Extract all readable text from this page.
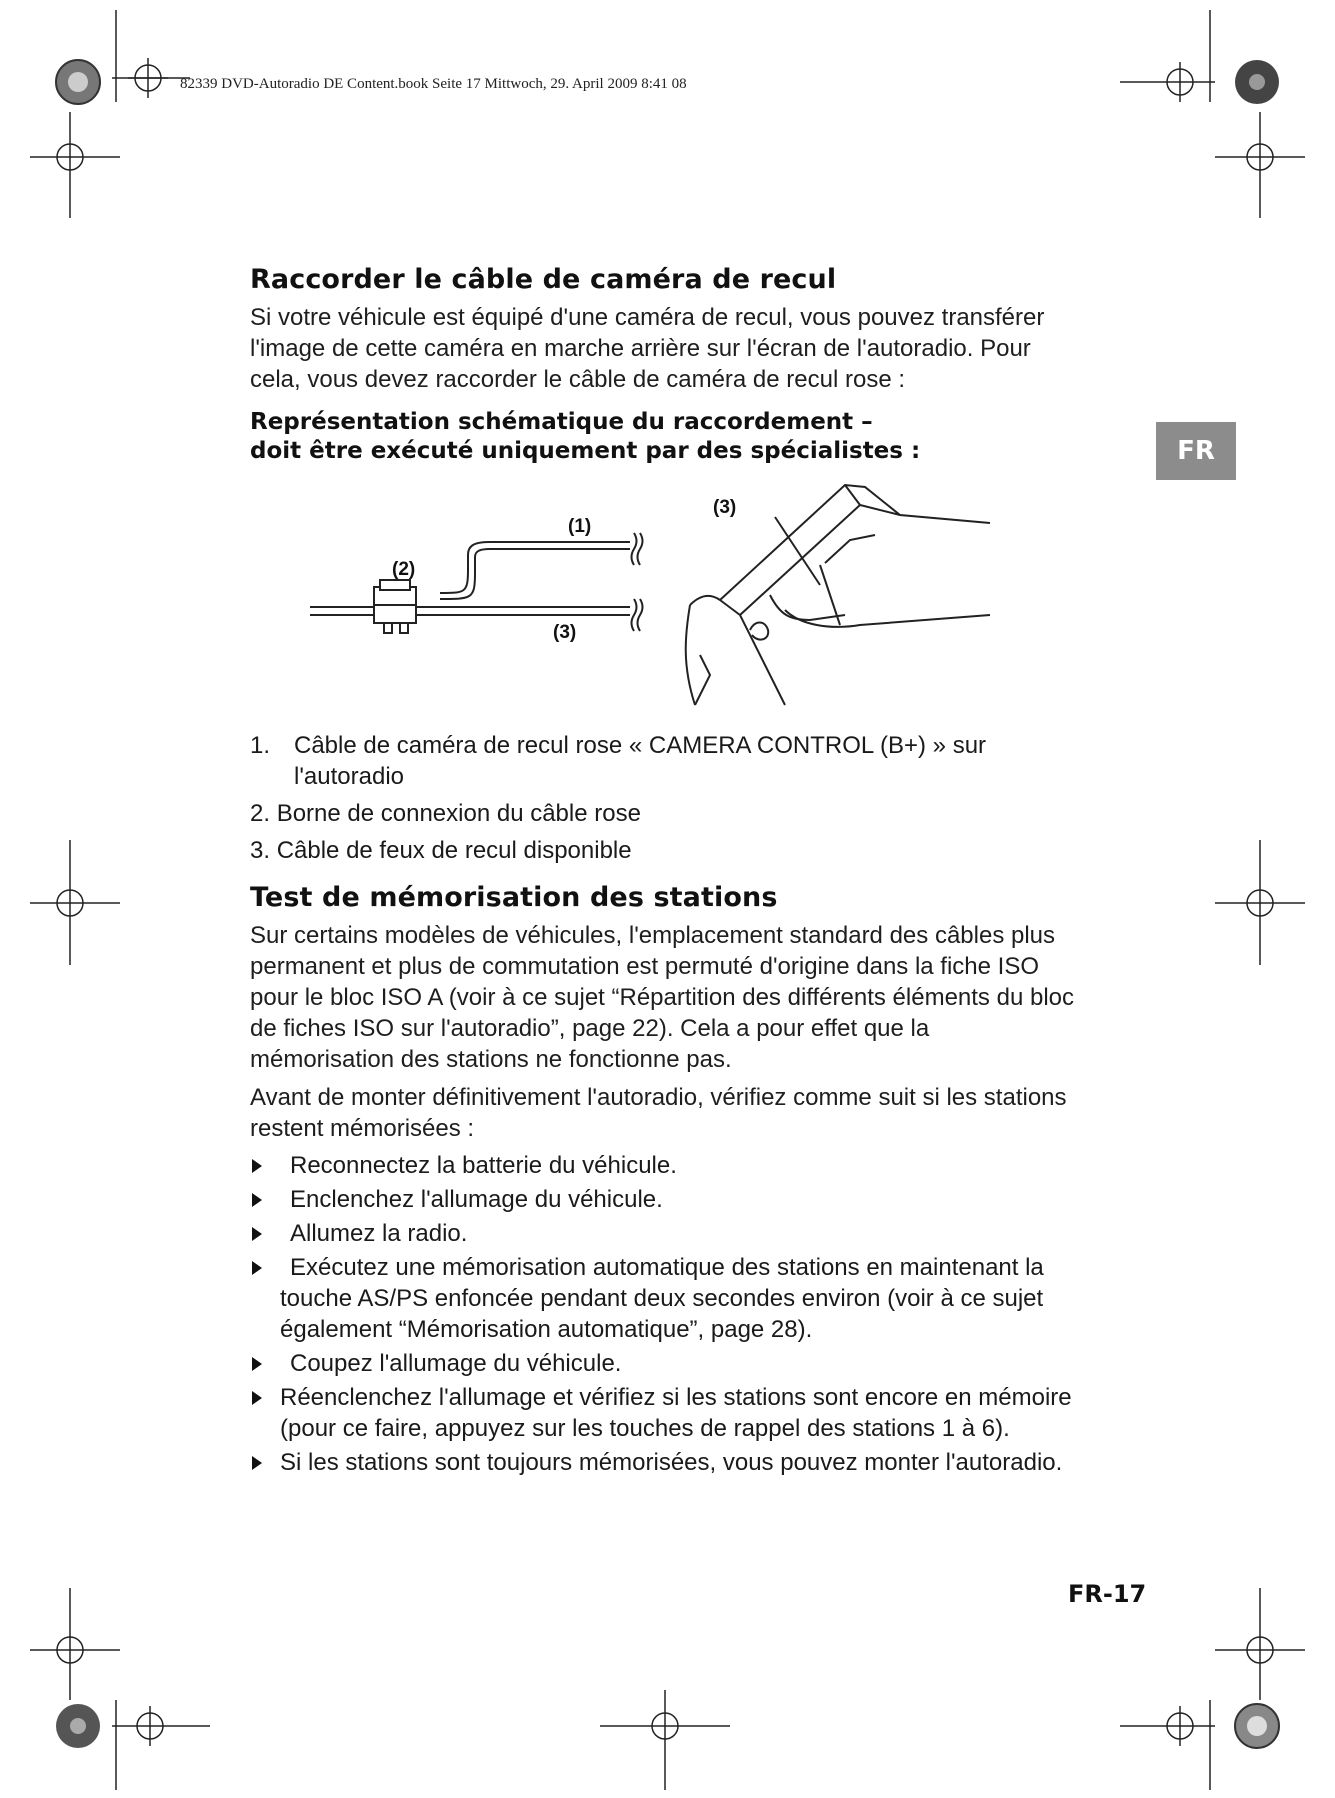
82339 DVD-Autoradio DE Content.book Seite 17 Mittwoch, 29. April 2009 8:41 08
FR
Raccorder le câble de caméra de recul

Si votre véhicule est équipé d'une caméra de recul, vous pouvez transférer

l'image de cette caméra en marche arrière sur l'écran de l'autoradio. Pour

cela, vous devez raccorder le câble de caméra de recul rose :

Représentation schématique du raccordement –
doit être exécuté uniquement par des spécialistes :
(1)
(2)
(3)
(3)
1. Câble de caméra de recul rose « CAMERA CONTROL (B+) » sur
l'autoradio
2. Borne de connexion du câble rose
3. Câble de feux de recul disponible
Test de mémorisation des stations

Sur certains modèles de véhicules, l'emplacement standard des câbles plus

permanent et plus de commutation est permuté d'origine dans la fiche ISO

pour le bloc ISO A (voir à ce sujet “Répartition des différents éléments du bloc

de fiches ISO sur l'autoradio”, page 22). Cela a pour effet que la

mémorisation des stations ne fonctionne pas.

Avant de monter définitivement l'autoradio, vérifiez comme suit si les stations

restent mémorisées :

Reconnectez la batterie du véhicule.
Enclenchez l'allumage du véhicule.
Allumez la radio.
Exécutez une mémorisation automatique des stations en maintenant la
touche AS/PS enfoncée pendant deux secondes environ (voir à ce sujet
également “Mémorisation automatique”, page 28).
Coupez l'allumage du véhicule.
Réenclenchez l'allumage et vérifiez si les stations sont encore en mémoire
(pour ce faire, appuyez sur les touches de rappel des stations 1 à 6).
Si les stations sont toujours mémorisées, vous pouvez monter l'autoradio.
FR-17
